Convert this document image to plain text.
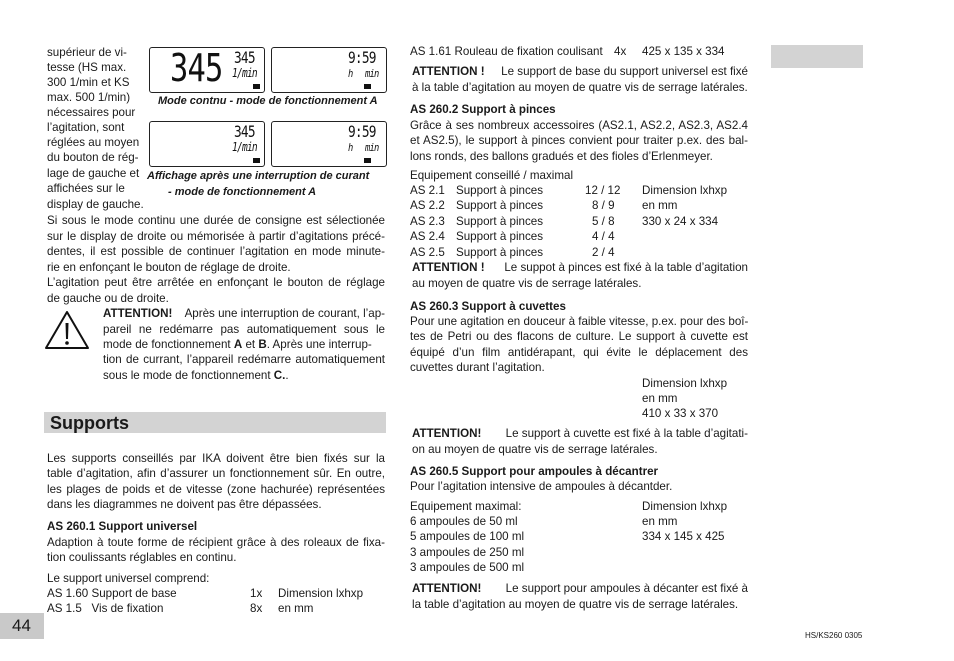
supérieur de vi-
tesse (HS max.
300 1/min et KS
max. 500 1/min)
nécessaires pour
l’agitation, sont
réglées au moyen
du bouton de rég-
lage de gauche et
affichées sur le
display de gauche.
345 345
1/min
9:59
h min
Mode contnu - mode de fonctionnement A
345
1/min
9:59
h min
Affichage après une interruption de curant
- mode de fonctionnement A
Si sous le mode continu une durée de consigne est sélectionée
sur le display de droite ou mémorisée à partir d’agitations précé-
dentes, il est possible de continuer l’agitation en mode minute-
rie en enfonçant le bouton de réglage de droite.
L’agitation peut être arrêtée en enfonçant le bouton de réglage
de gauche ou de droite.
ATTENTION! Après une interruption de courant, l’ap-
pareil ne redémarre pas automatiquement sous le
mode de fonctionnement A et B. Après une interrup-
tion de currant, l’appareil redémarre automatiquement
sous le mode de fonctionnement C..
Supports
Les supports conseillés par IKA doivent être bien fixés sur la
table d’agitation, afin d’assurer un fonctionnement sûr. En outre,
les plages de poids et de vitesse (zone hachurée) représentées
dans les diagrammes ne doivent pas être dépassées.
AS 260.1 Support universel
Adaption à toute forme de récipient grâce à des roleaux de fixa-
tion coulissants réglables en continu.
Le support universel comprend:
AS 1.60 Support de base	1x Dimension lxhxp
AS 1.5   Vis de fixation	8x en mm
44
AS 1.61 Rouleau de fixation coulisant 4x 425 x 135 x 334
ATTENTION ! Le support de base du support universel est fixé
à la table d’agitation au moyen de quatre vis de serrage latérales.
AS 260.2 Support à pinces
Grâce à ses nombreux accessoires (AS2.1, AS2.2, AS2.3, AS2.4
et AS2.5), le support à pinces convient pour traiter p.ex. des bal-
lons ronds, des ballons gradués et des fioles d’Erlenmeyer.
Equipement conseillé / maximal
AS 2.1 Support à pinces	12 / 12	Dimension lxhxp
AS 2.2 Support à pinces	8 / 9 en mm
AS 2.3 Support à pinces	5 / 8 330 x 24 x 334
AS 2.4 Support à pinces	4 / 4
AS 2.5 Support à pinces	2 / 4
ATTENTION ! Le suppot à pinces est fixé à la table d’agitation
au moyen de quatre vis de serrage latérales.
AS 260.3 Support à cuvettes
Pour une agitation en douceur à faible vitesse, p.ex. pour des boî-
tes de Petri ou des flacons de culture. Le support à cuvette est
équipé d’un film antidérapant, qui évite le déplacement des
cuvettes durant l’agitation.
Dimension lxhxp
en mm
410 x 33 x 370
ATTENTION! Le support à cuvette est fixé à la table d’agitati-
on au moyen de quatre vis de serrage latérales.
AS 260.5 Support pour ampoules à décantrer
Pour l’agitation intensive de ampoules à décantder.
Equipement maximal:
6 ampoules de 50 ml
5 ampoules de 100 ml
3 ampoules de 250 ml
3 ampoules de 500 ml
Dimension lxhxp
en mm
334 x 145 x 425
ATTENTION! Le support pour ampoules à décanter est fixé à
la table d’agitation au moyen de quatre vis de serrage latérales.
HS/KS260 0305
